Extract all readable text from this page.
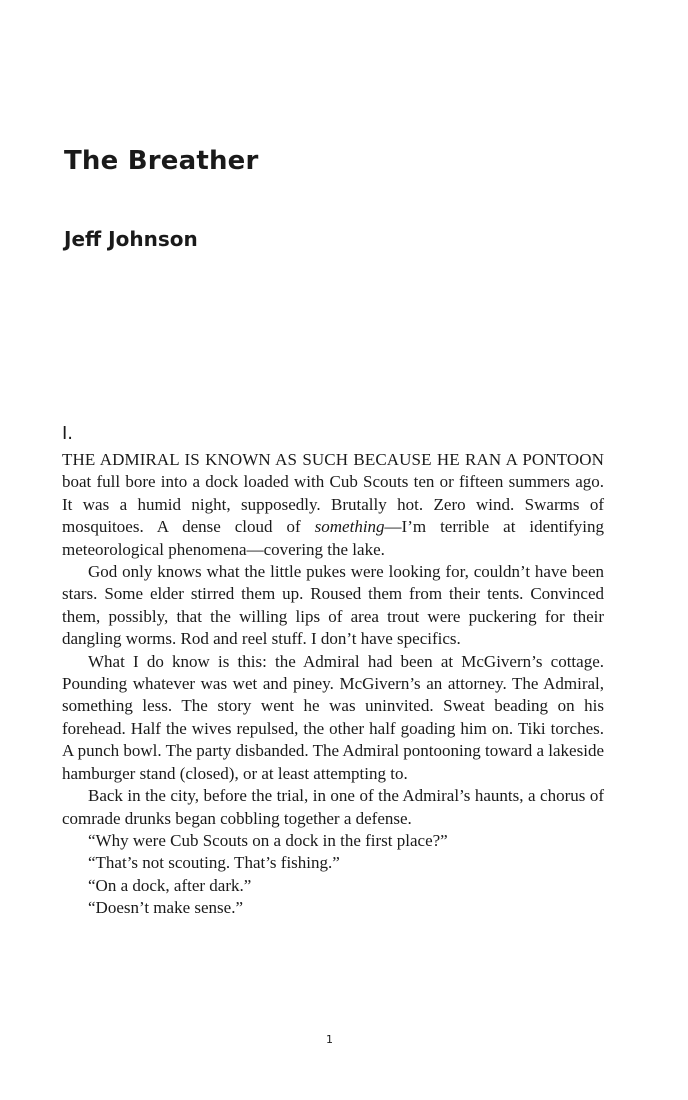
The Breather
Jeff Johnson
I.

THE ADMIRAL IS KNOWN AS SUCH BECAUSE HE RAN A PONTOON boat full bore into a dock loaded with Cub Scouts ten or fifteen summers ago. It was a humid night, supposedly. Brutally hot. Zero wind. Swarms of mosquitoes. A dense cloud of something—I’m terrible at identifying meteorological phenomena—covering the lake.

God only knows what the little pukes were looking for, couldn’t have been stars. Some elder stirred them up. Roused them from their tents. Convinced them, possibly, that the willing lips of area trout were puckering for their dangling worms. Rod and reel stuff. I don’t have specifics.

What I do know is this: the Admiral had been at McGivern’s cottage. Pounding whatever was wet and piney. McGivern’s an attorney. The Admiral, something less. The story went he was uninvited. Sweat beading on his forehead. Half the wives repulsed, the other half goading him on. Tiki torches. A punch bowl. The party disbanded. The Admiral pontooning toward a lakeside hamburger stand (closed), or at least attempting to.

Back in the city, before the trial, in one of the Admiral’s haunts, a chorus of comrade drunks began cobbling together a defense.

“Why were Cub Scouts on a dock in the first place?”

“That’s not scouting. That’s fishing.”

“On a dock, after dark.”

“Doesn’t make sense.”

1
